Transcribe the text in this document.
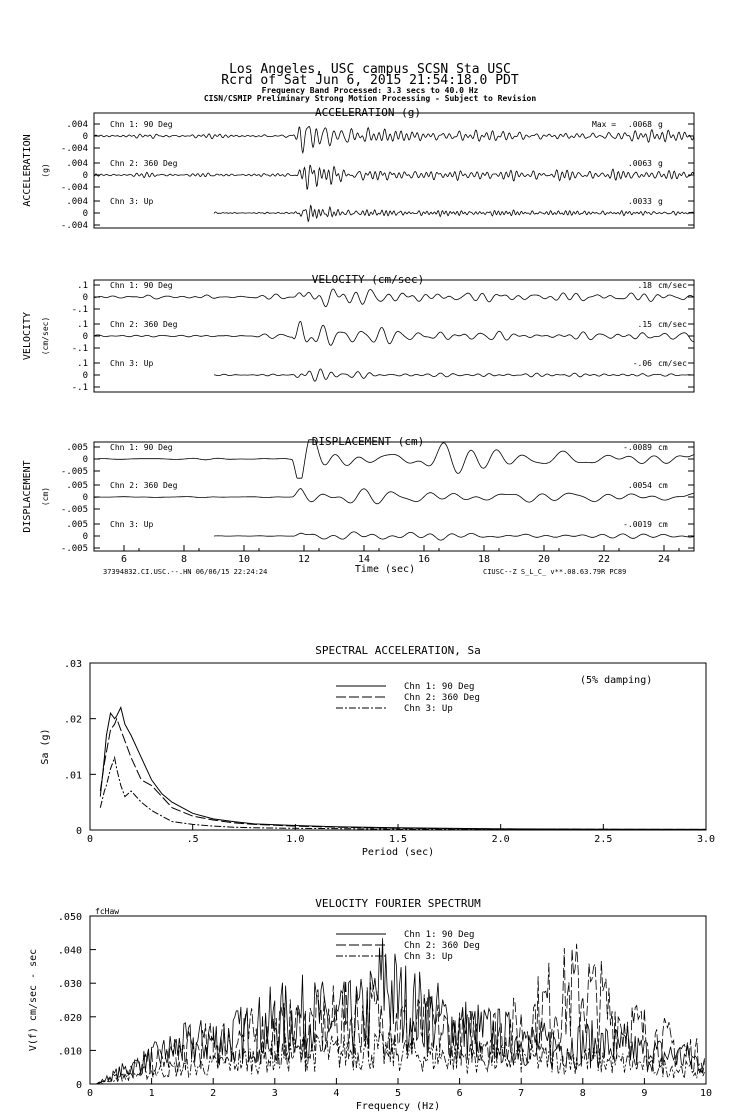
Los Angeles, USC campus SCSN Sta USC
Rcrd of Sat Jun 6, 2015 21:54:18.0 PDT
Frequency Band Processed: 3.3 secs to 40.0 Hz
CISN/CSMIP Preliminary Strong Motion Processing - Subject to Revision
ACCELERATION (g)
ACCELERATION (g)
.004
0
-.004
Chn 1: 90 Deg	Max = .0068 g
.004
0
-.004
Chn 2: 360 Deg	.0063 g
.004
0
-.004
Chn 3: Up	.0033 g
VELOCITY (cm/sec)
VELOCITY (cm/sec)
.1
0
-.1
Chn 1: 90 Deg	.18 cm/sec
.1
0
-.1
Chn 2: 360 Deg	.15 cm/sec
.1
0
-.1
Chn 3: Up	-.06 cm/sec
DISPLACEMENT (cm)
DISPLACEMENT (cm)
.005
0
-.005
Chn 1: 90 Deg	-.0089 cm
.005
0
-.005
Chn 2: 360 Deg	.0054 cm
.005
0
-.005
Chn 3: Up	-.0019 cm
6	8	10	12	14	16	18	20	22	24
Time (sec)
37394832.CI.USC.--.HN 06/06/15 22:24:24	CIUSC--Z S_L_C_ v**.08.63.79R PC89
SPECTRAL ACCELERATION, Sa
0	.5	1.0	1.5	2.0	2.5	3.0
0
.01
.02
.03
Period (sec)
Sa (g)
Chn 1: 90 Deg
Chn 2: 360 Deg
Chn 3: Up
(5% damping)
VELOCITY FOURIER SPECTRUM
0	1	2	3	4	5	6	7	8	9	10
0
.010
.020
.030
.040
.050
Frequency (Hz)
V(f) cm/sec - sec
Chn 1: 90 Deg
Chn 2: 360 Deg
Chn 3: Up
fcHaw
